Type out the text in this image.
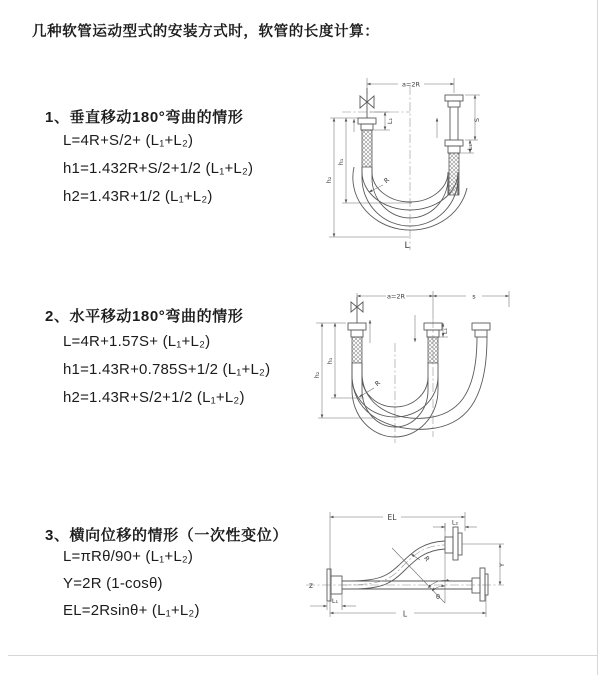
几种软管运动型式的安装方式时，软管的长度计算：
1、垂直移动180°弯曲的情形
L=4R+S/2+ (L₁+L₂)
h1=1.432R+S/2+1/2 (L₁+L₂)
h2=1.43R+1/2 (L₁+L₂)
2、水平移动180°弯曲的情形
L=4R+1.57S+ (L₁+L₂)
h1=1.43R+0.785S+1/2 (L₁+L₂)
h2=1.43R+S/2+1/2 (L₁+L₂)
3、横向位移的情形（一次性变位）
L=πRθ/90+ (L₁+L₂)
Y=2R (1-cosθ)
EL=2Rsinθ+ (L₁+L₂)
a=2R
L₁	S
L₁
h₁
h₂	R
L
a=2R	s
L₁
h₁
h₂
R
z
EL
L₂
θ
R
Y
L₁
L
